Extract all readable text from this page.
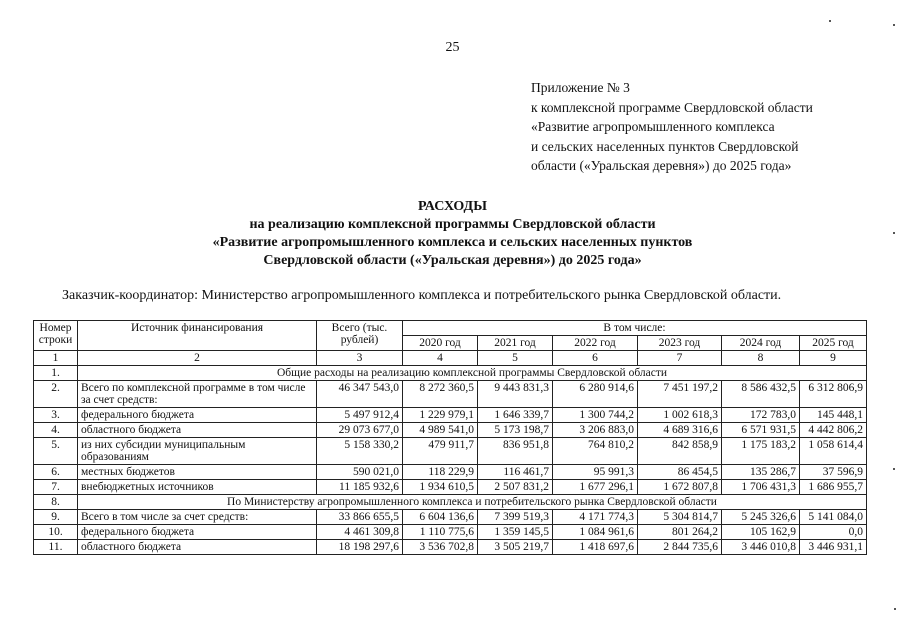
25
Приложение № 3
к комплексной программе Свердловской области
«Развитие агропромышленного комплекса
и сельских населенных пунктов Свердловской
области («Уральская деревня») до 2025 года»
РАСХОДЫ
на реализацию комплексной программы Свердловской области
«Развитие агропромышленного комплекса и сельских населенных пунктов
Свердловской области («Уральская деревня») до 2025 года»
Заказчик-координатор: Министерство агропромышленного комплекса и потребительского рынка Свердловской области.
Номер строки	Источник финансирования	Всего (тыс. рублей)	В том числе:					
			2020 год	2021 год	2022 год	2023 год	2024 год	2025 год
1	2	3	4	5	6	7	8	9
1.	Общие расходы на реализацию комплексной программы Свердловской области							
2.	Всего по комплексной программе в том числе за счет средств:	46 347 543,0	8 272 360,5	9 443 831,3	6 280 914,6	7 451 197,2	8 586 432,5	6 312 806,9
3.	федерального бюджета	5 497 912,4	1 229 979,1	1 646 339,7	1 300 744,2	1 002 618,3	172 783,0	145 448,1
4.	областного бюджета	29 073 677,0	4 989 541,0	5 173 198,7	3 206 883,0	4 689 316,6	6 571 931,5	4 442 806,2
5.	из них субсидии муниципальным образованиям	5 158 330,2	479 911,7	836 951,8	764 810,2	842 858,9	1 175 183,2	1 058 614,4
6.	местных бюджетов	590 021,0	118 229,9	116 461,7	95 991,3	86 454,5	135 286,7	37 596,9
7.	внебюджетных источников	11 185 932,6	1 934 610,5	2 507 831,2	1 677 296,1	1 672 807,8	1 706 431,3	1 686 955,7
8.	По Министерству агропромышленного комплекса и потребительского рынка Свердловской области							
9.	Всего в том числе за счет средств:	33 866 655,5	6 604 136,6	7 399 519,3	4 171 774,3	5 304 814,7	5 245 326,6	5 141 084,0
10.	федерального бюджета	4 461 309,8	1 110 775,6	1 359 145,5	1 084 961,6	801 264,2	105 162,9	0,0
11.	областного бюджета	18 198 297,6	3 536 702,8	3 505 219,7	1 418 697,6	2 844 735,6	3 446 010,8	3 446 931,1
